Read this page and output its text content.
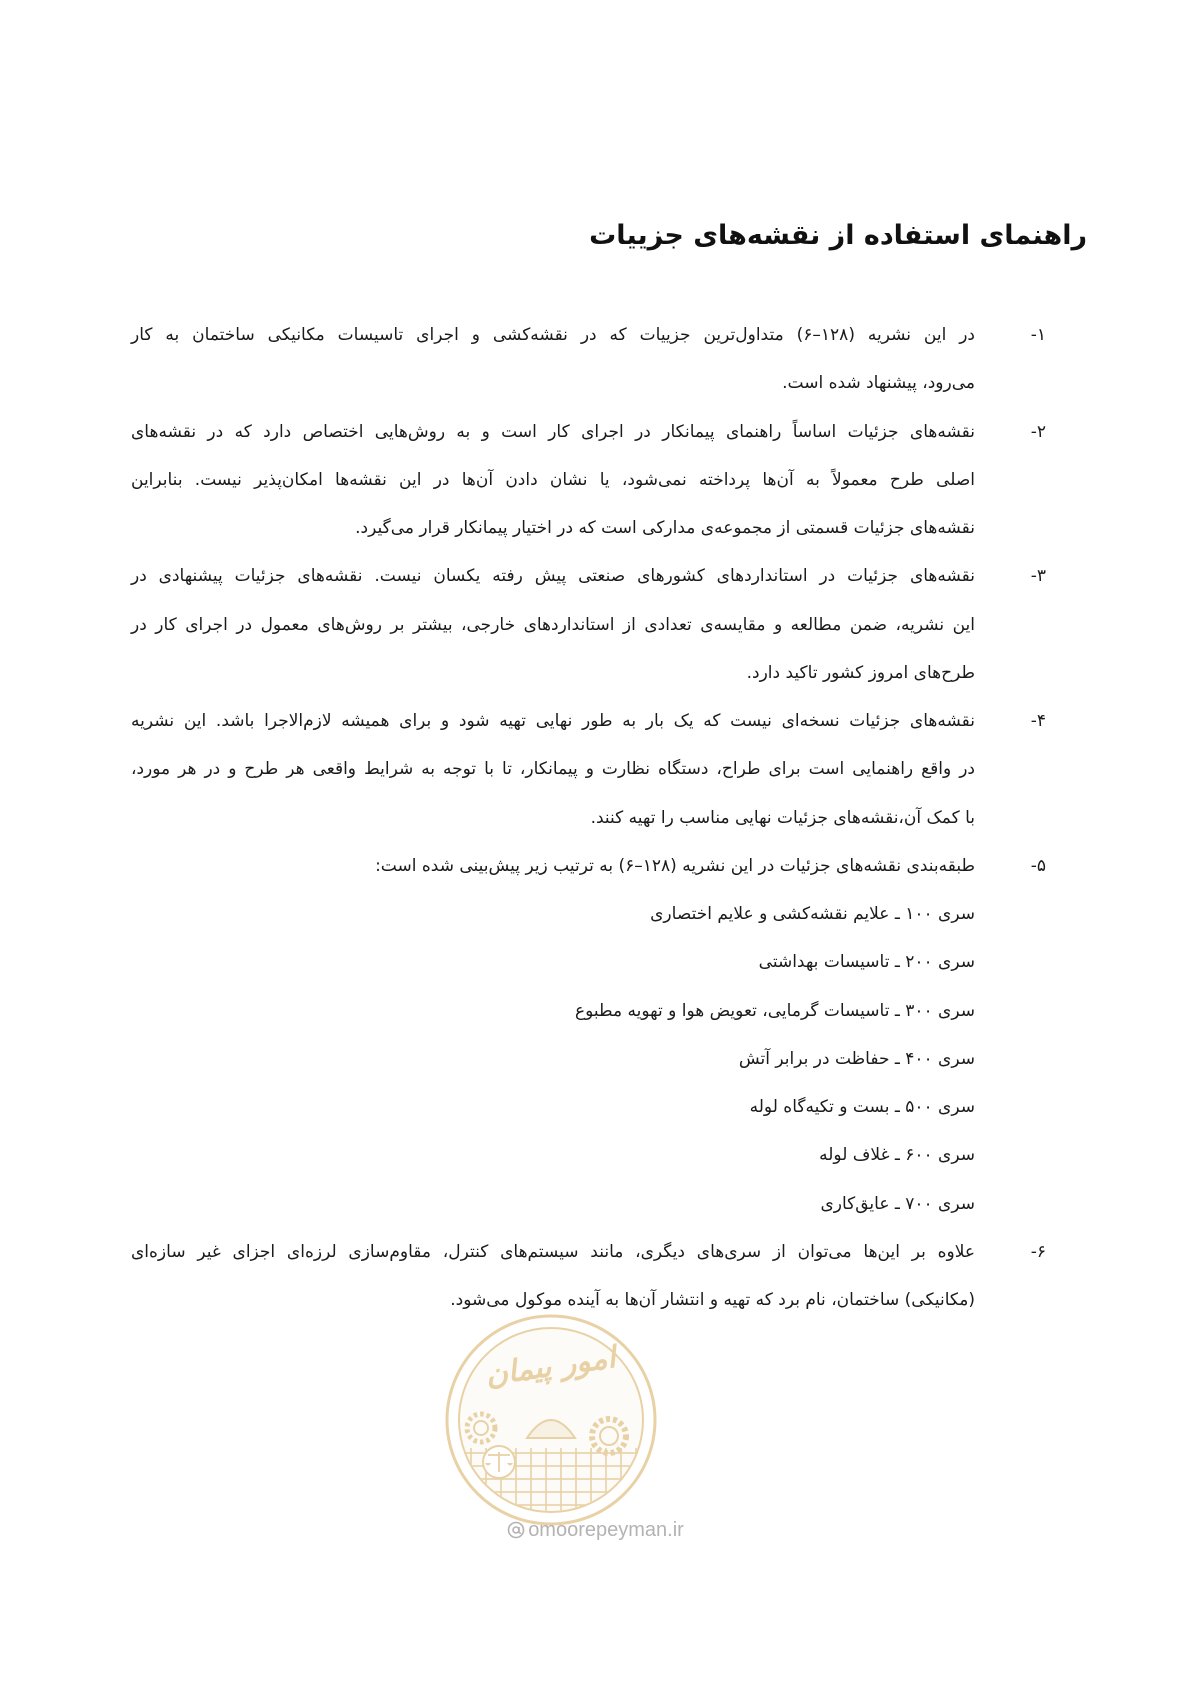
راهنمای استفاده از نقشه‌های جزییات
امور پیمان
۱-
در این نشریه (۱۲۸–۶) متداول‌ترین جزییات که در نقشه‌کشی و اجرای تاسیسات مکانیکی ساختمان به کار
می‌رود، پیشنهاد شده است.
۲-
نقشه‌های جزئیات اساساً راهنمای پیمانکار در اجرای کار است و به روش‌هایی اختصاص دارد که در نقشه‌های
اصلی طرح معمولاً به آن‌ها پرداخته نمی‌شود، یا نشان دادن آن‌ها در این نقشه‌ها امکان‌پذیر نیست. بنابراین
نقشه‌های جزئیات قسمتی از مجموعه‌ی مدارکی است که در اختیار پیمانکار قرار می‌گیرد.
۳-
نقشه‌های جزئیات در استانداردهای کشورهای صنعتی پیش رفته یکسان نیست. نقشه‌های جزئیات پیشنهادی در
این نشریه، ضمن مطالعه و مقایسه‌ی تعدادی از استانداردهای خارجی، بیشتر بر روش‌های معمول در اجرای کار در
طرح‌های امروز کشور تاکید دارد.
۴-
نقشه‌های جزئیات نسخه‌ای نیست که یک بار به طور نهایی تهیه شود و برای همیشه لازم‌الاجرا باشد. این نشریه
در واقع راهنمایی است برای طراح، دستگاه نظارت و پیمانکار، تا با توجه به شرایط واقعی هر طرح و در هر مورد،
با کمک آن،نقشه‌های جزئیات نهایی مناسب را تهیه کنند.
۵-
طبقه‌بندی نقشه‌های جزئیات در این نشریه (۱۲۸–۶) به ترتیب زیر پیش‌بینی شده است:
سری ۱۰۰ ـ علایم نقشه‌کشی و علایم اختصاری
سری ۲۰۰ ـ تاسیسات بهداشتی
سری ۳۰۰ ـ تاسیسات گرمایی، تعویض هوا و تهویه مطبوع
سری ۴۰۰ ـ حفاظت در برابر آتش
سری ۵۰۰ ـ بست و تکیه‌گاه لوله
سری ۶۰۰ ـ غلاف لوله
سری ۷۰۰ ـ عایق‌کاری
۶-
علاوه بر این‌ها می‌توان از سری‌های دیگری، مانند سیستم‌های کنترل، مقاوم‌سازی لرزه‌ای اجزای غیر سازه‌ای
(مکانیکی) ساختمان، نام برد که تهیه و انتشار آن‌ها به آینده موکول می‌شود.
omoorepeyman.ir
